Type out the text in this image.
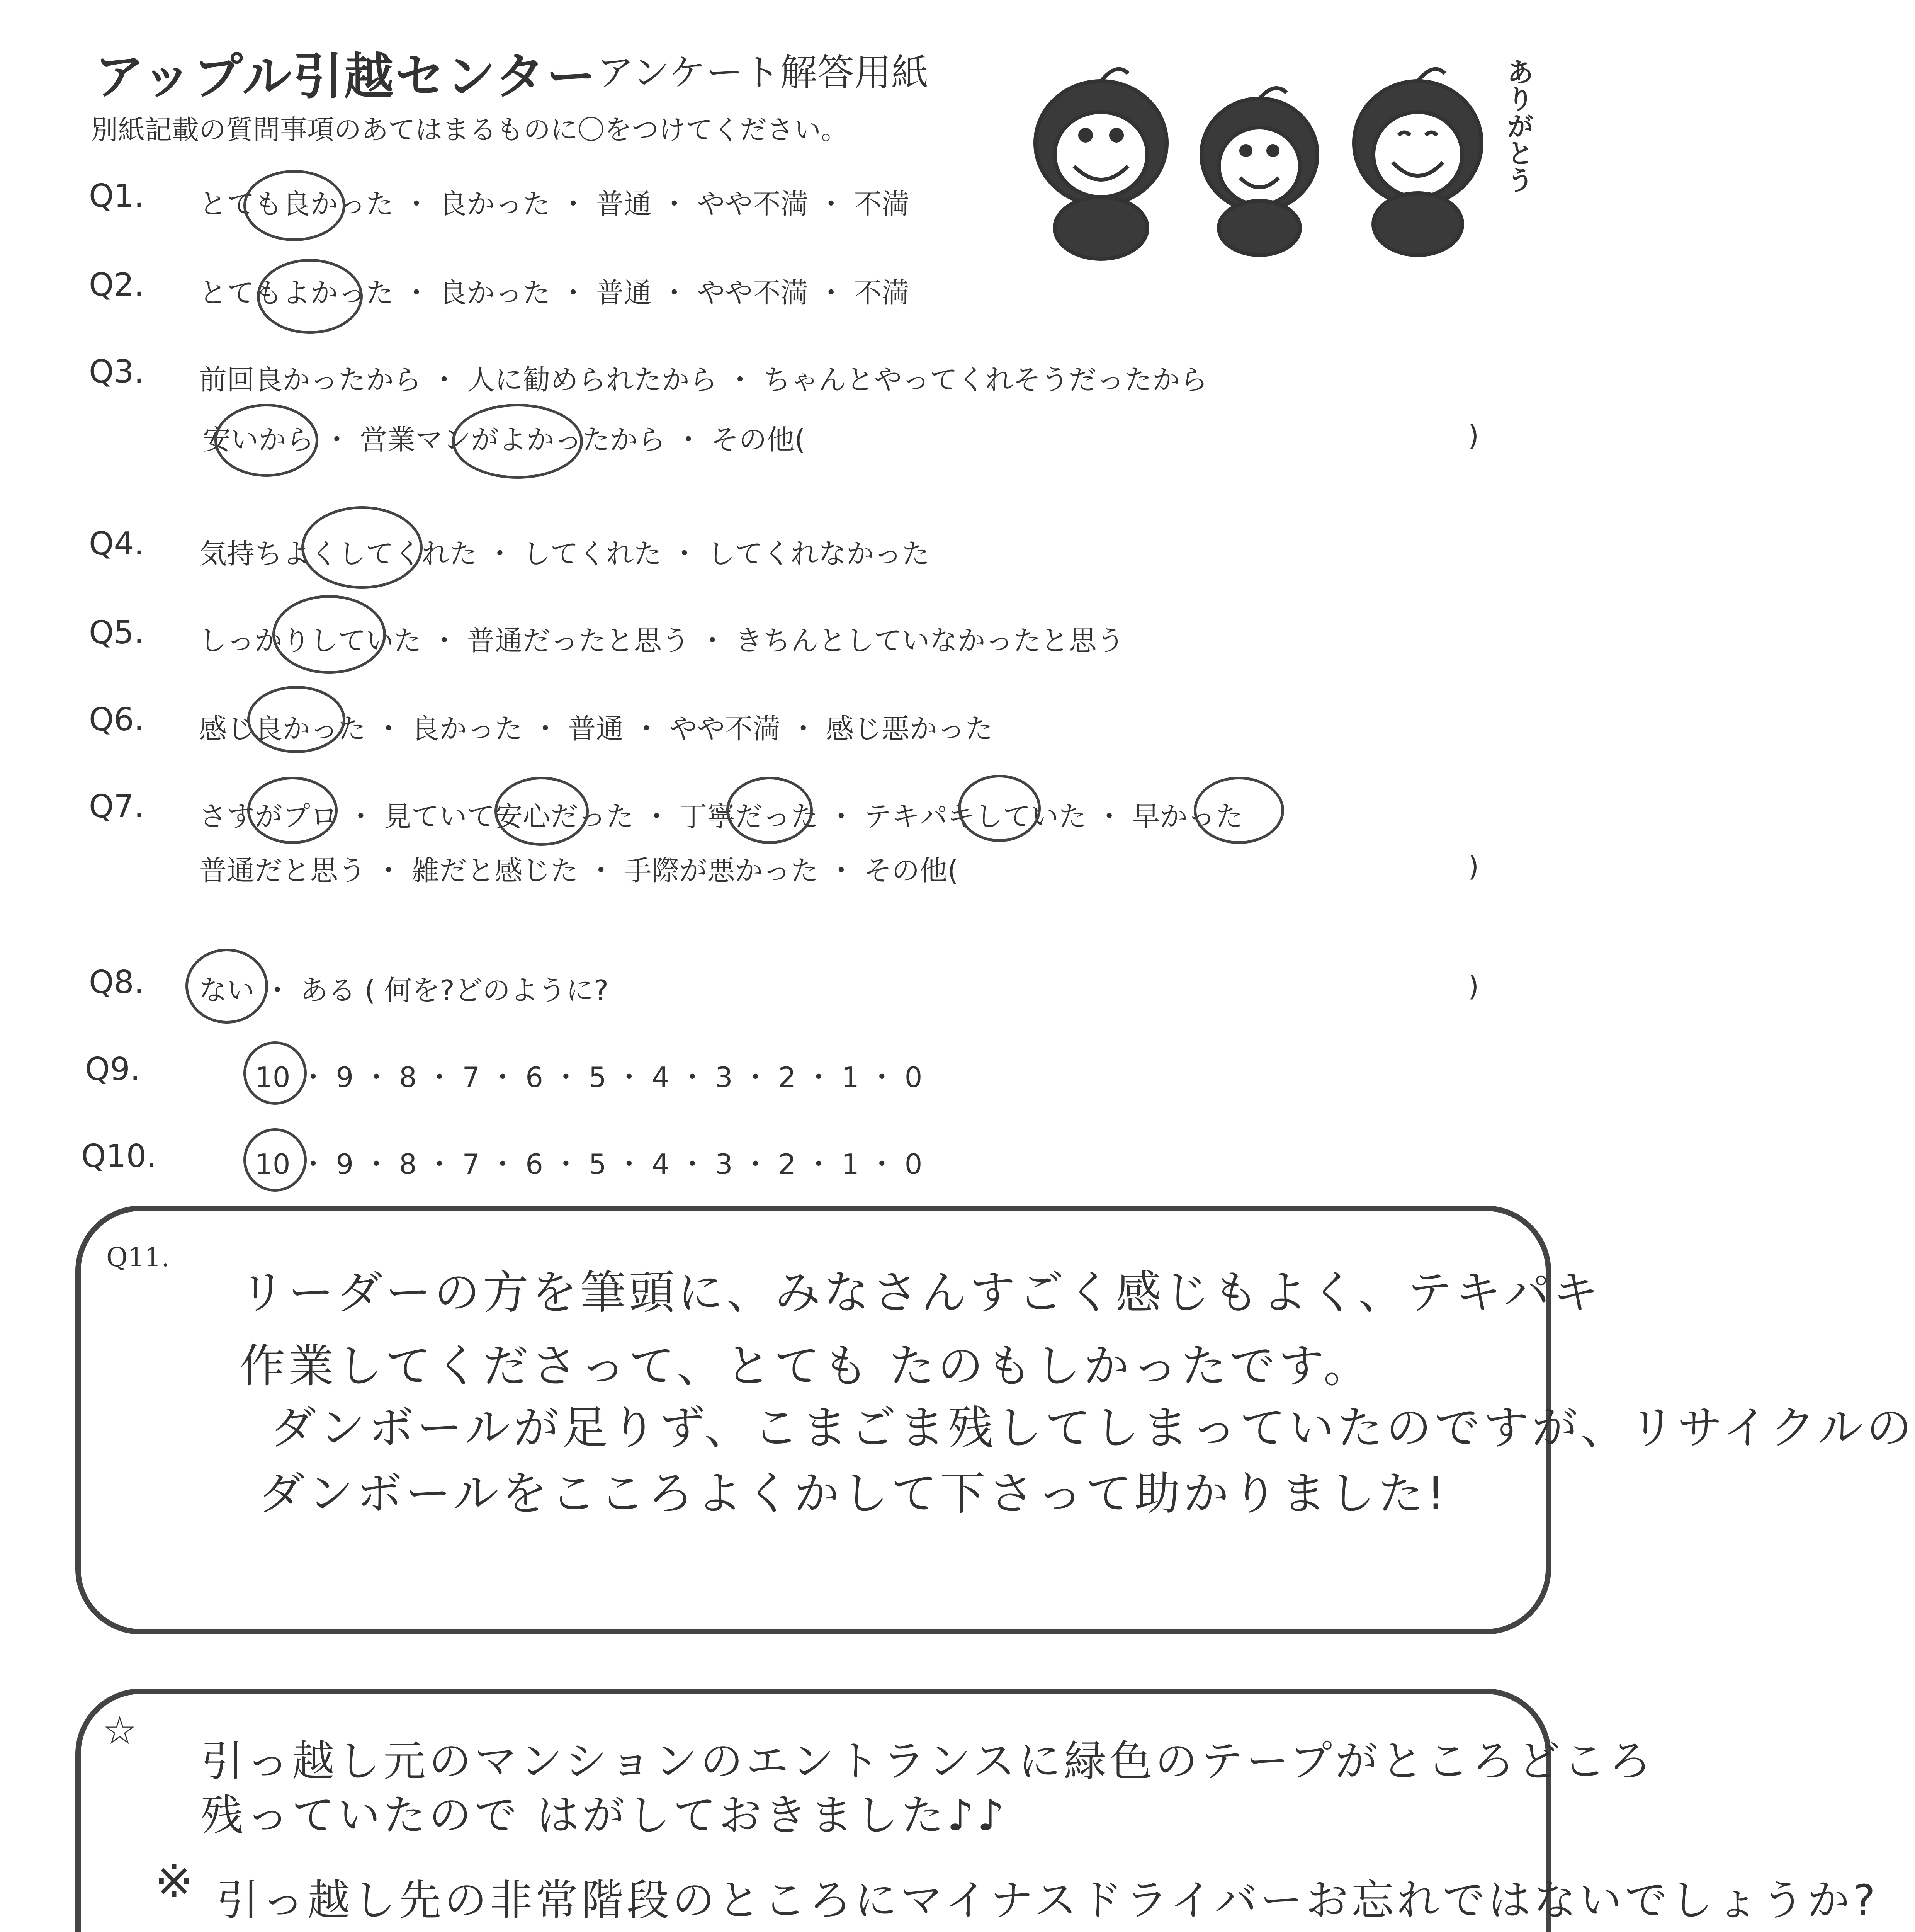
アップル引越センター アンケート解答用紙
別紙記載の質問事項のあてはまるものに〇をつけてください。	ありがとう
Q1. とても良かった ・ 良かった ・ 普通 ・ やや不満 ・ 不満
Q2. とてもよかった ・ 良かった ・ 普通 ・ やや不満 ・ 不満
Q3. 前回良かったから ・ 人に勧められたから ・ ちゃんとやってくれそうだったから
安いから ・ 営業マンがよかったから ・ その他(	)
Q4. 気持ちよくしてくれた ・ してくれた ・ してくれなかった
Q5. しっかりしていた ・ 普通だったと思う ・ きちんとしていなかったと思う
Q6. 感じ良かった ・ 良かった ・ 普通 ・ やや不満 ・ 感じ悪かった
Q7. さすがプロ ・ 見ていて安心だった ・ 丁寧だった ・ テキパキしていた ・ 早かった
普通だと思う ・ 雑だと感じた ・ 手際が悪かった ・ その他(	)
Q8. ない ・ ある ( 何を?どのように?	)
Q9.	10 ・ 9 ・ 8 ・ 7 ・ 6 ・ 5 ・ 4 ・ 3 ・ 2 ・ 1 ・ 0
Q10.	10 ・ 9 ・ 8 ・ 7 ・ 6 ・ 5 ・ 4 ・ 3 ・ 2 ・ 1 ・ 0
Q11.
リーダーの方を筆頭に、みなさんすごく感じもよく、テキパキ
作業してくださって、とても たのもしかったです。
ダンボールが足りず、こまごま残してしまっていたのですが、リサイクルの
ダンボールをこころよくかして下さって助かりました!
☆
引っ越し元のマンションのエントランスに緑色のテープがところどころ
残っていたので はがしておきました♪♪
※ 引っ越し先の非常階段のところにマイナスドライバーお忘れではないでしょうか?
